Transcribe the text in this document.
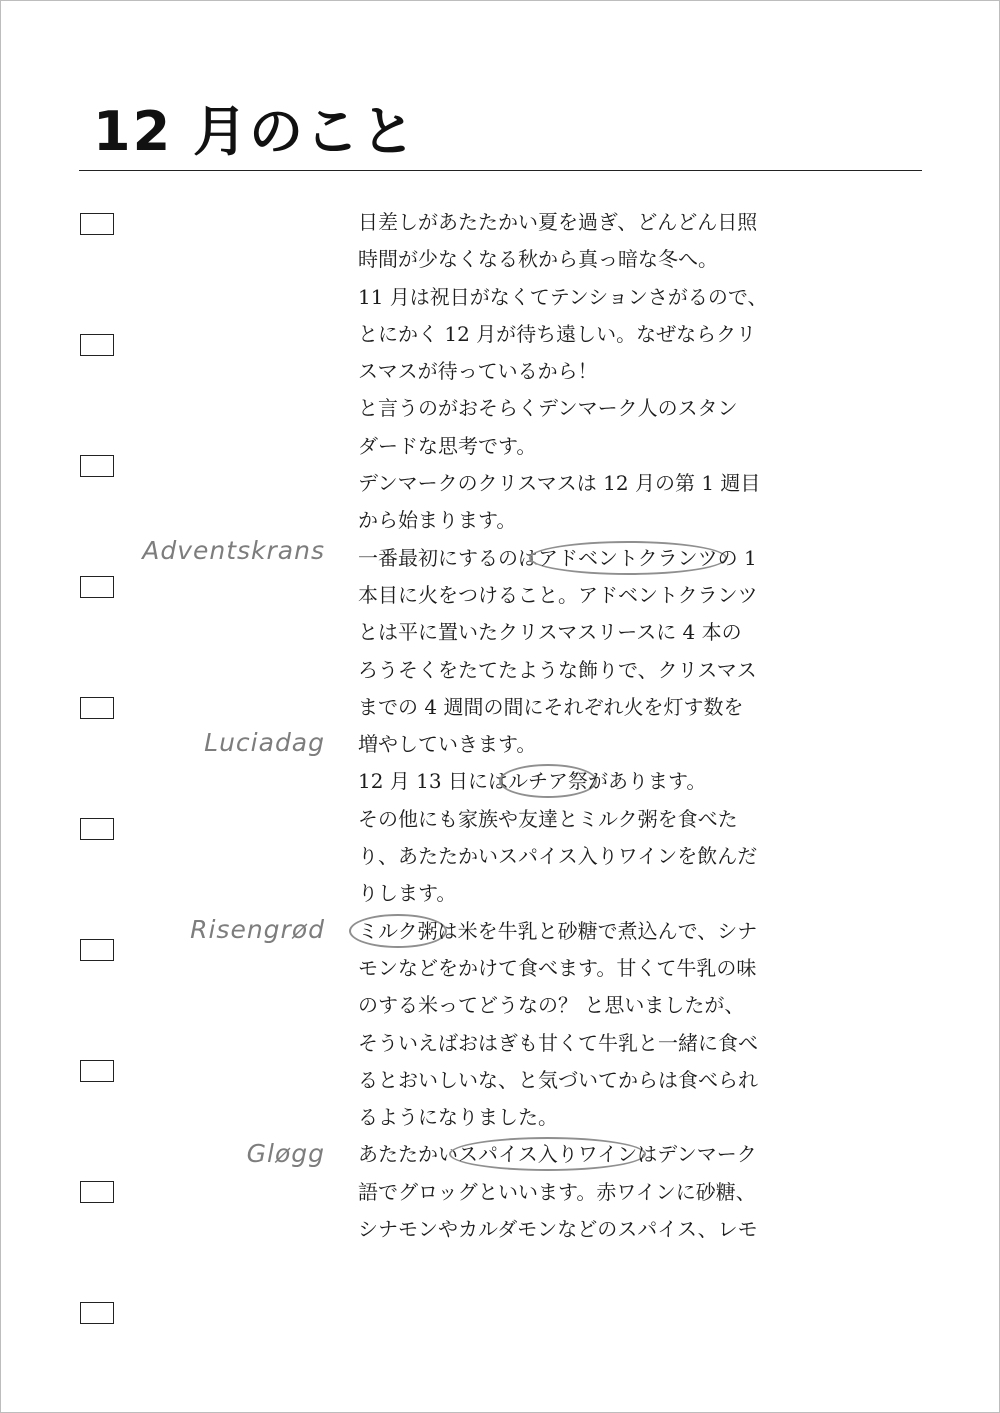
12 月のこと
Adventskrans
Luciadag
Risengrød
Gløgg
日差しがあたたかい夏を過ぎ、どんどん日照
時間が少なくなる秋から真っ暗な冬へ。
11 月は祝日がなくてテンションさがるので、
とにかく 12 月が待ち遠しい。なぜならクリ
スマスが待っているから！
と言うのがおそらくデンマーク人のスタン
ダードな思考です。
デンマークのクリスマスは 12 月の第 1 週目
から始まります。
一番最初にするのはアドベントクランツの 1
本目に火をつけること。アドベントクランツ
とは平に置いたクリスマスリースに 4 本の
ろうそくをたてたような飾りで、クリスマス
までの 4 週間の間にそれぞれ火を灯す数を
増やしていきます。
12 月 13 日にはルチア祭があります。
その他にも家族や友達とミルク粥を食べた
り、あたたかいスパイス入りワインを飲んだ
りします。
ミルク粥は米を牛乳と砂糖で煮込んで、シナ
モンなどをかけて食べます。甘くて牛乳の味
のする米ってどうなの？ と思いましたが、
そういえばおはぎも甘くて牛乳と一緒に食べ
るとおいしいな、と気づいてからは食べられ
るようになりました。
あたたかいスパイス入りワインはデンマーク
語でグロッグといいます。赤ワインに砂糖、
シナモンやカルダモンなどのスパイス、レモ
